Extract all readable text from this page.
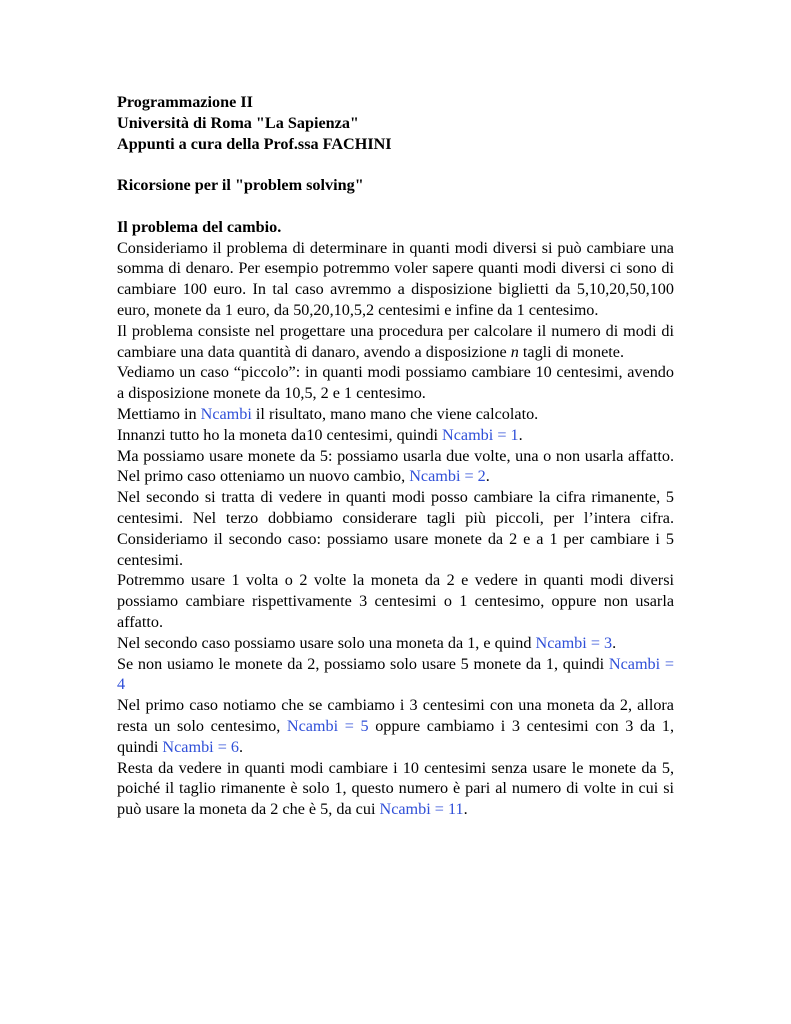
Programmazione II

Università di Roma "La Sapienza"

Appunti a cura della Prof.ssa FACHINI

Ricorsione per il "problem solving"

Il problema del cambio.

Consideriamo il problema di determinare in quanti modi diversi si può cambiare una somma di denaro. Per esempio potremmo voler sapere quanti modi diversi ci sono di cambiare 100 euro. In tal caso avremmo a disposizione biglietti da 5,10,20,50,100 euro, monete da 1 euro, da 50,20,10,5,2 centesimi e infine da 1 centesimo.

Il problema consiste nel progettare una procedura per calcolare il numero di modi di cambiare una data quantità di danaro, avendo a disposizione n tagli di monete.

Vediamo un caso “piccolo”: in quanti modi possiamo cambiare 10 centesimi, avendo a disposizione monete da 10,5, 2 e 1 centesimo.

Mettiamo in Ncambi il risultato, mano mano che viene calcolato.

Innanzi tutto ho la moneta da10 centesimi, quindi Ncambi = 1.

Ma possiamo usare monete da 5: possiamo usarla due volte, una o non usarla affatto. Nel primo caso otteniamo un nuovo cambio, Ncambi = 2.

Nel secondo si tratta di vedere in quanti modi posso cambiare la cifra rimanente, 5 centesimi. Nel terzo dobbiamo considerare tagli più piccoli, per l’intera cifra. Consideriamo il secondo caso: possiamo usare monete da 2 e a 1 per cambiare i 5 centesimi.

Potremmo usare 1 volta o 2 volte la moneta da 2 e vedere in quanti modi diversi possiamo cambiare rispettivamente 3 centesimi o 1 centesimo, oppure non usarla affatto.

Nel secondo caso possiamo usare solo una moneta da 1, e quind Ncambi = 3.

Se non usiamo le monete da 2, possiamo solo usare 5 monete da 1, quindi Ncambi = 4

Nel primo caso notiamo che se cambiamo i 3 centesimi con una moneta da 2, allora resta un solo centesimo, Ncambi = 5 oppure cambiamo i 3 centesimi con 3 da 1, quindi Ncambi = 6.

Resta da vedere in quanti modi cambiare i 10 centesimi senza usare le monete da 5, poiché il taglio rimanente è solo 1, questo numero è pari al numero di volte in cui si può usare la moneta da 2 che è 5, da cui Ncambi = 11.
